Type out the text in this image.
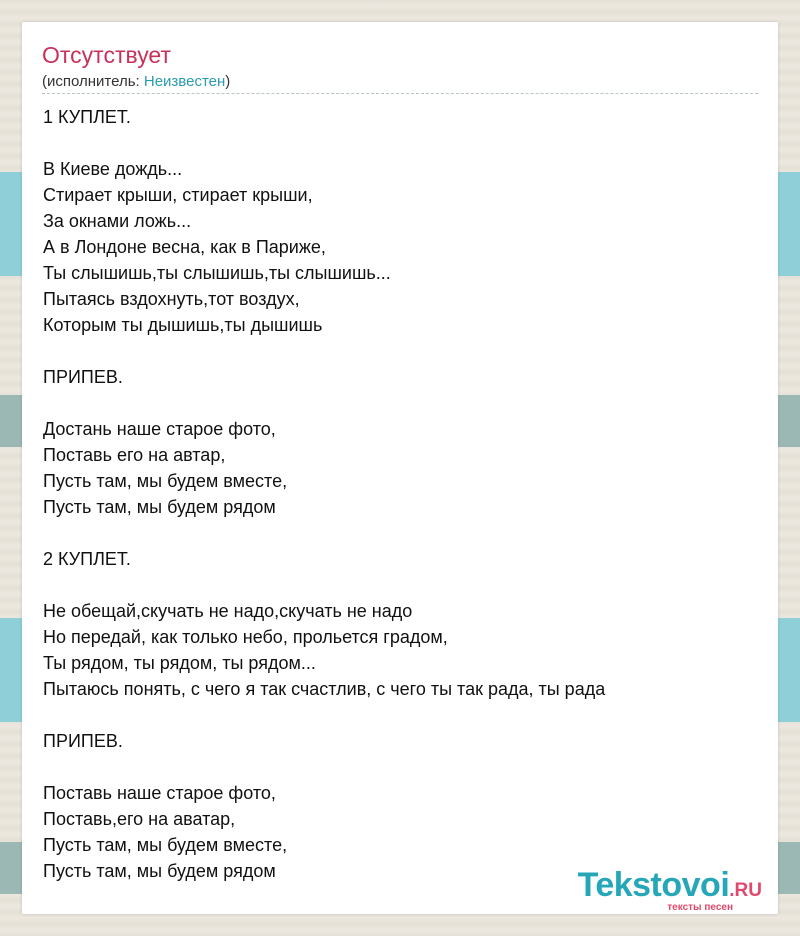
Отсутствует
(исполнитель: Неизвестен)
1 КУПЛЕТ.
В Киеве дождь...
Стирает крыши, стирает крыши,
За окнами ложь...
А в Лондоне весна, как в Париже,
Ты слышишь,ты слышишь,ты слышишь...
Пытаясь вздохнуть,тот воздух,
Которым ты дышишь,ты дышишь
ПРИПЕВ.
Достань наше старое фото,
Поставь его на автар,
Пусть там, мы будем вместе,
Пусть там, мы будем рядом
2 КУПЛЕТ.
Не обещай,скучать не надо,скучать не надо
Но передай, как только небо, прольется градом,
Ты рядом, ты рядом, ты рядом...
Пытаюсь понять, с чего я так счастлив, с чего ты так рада, ты рада
ПРИПЕВ.
Поставь наше старое фото,
Поставь,его на аватар,
Пусть там, мы будем вместе,
Пусть там, мы будем рядом	Tekstovoi.RU
тексты песен
